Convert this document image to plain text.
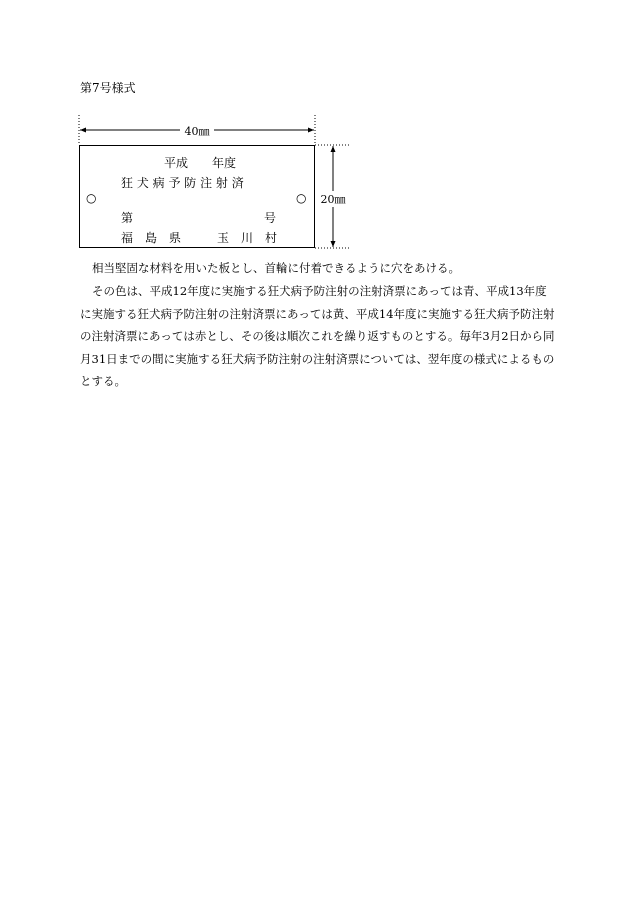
第7号様式
40㎜
20㎜
平成　　年度
狂 犬 病 予 防 注 射 済
○	○
第	号
福　島　県	玉　川　村

相当堅固な材料を用いた板とし、首輪に付着できるように穴をあける。

その色は、平成12年度に実施する狂犬病予防注射の注射済票にあっては青、平成13年度に実施する狂犬病予防注射の注射済票にあっては黄、平成14年度に実施する狂犬病予防注射の注射済票にあっては赤とし、その後は順次これを繰り返すものとする。毎年3月2日から同月31日までの間に実施する狂犬病予防注射の注射済票については、翌年度の様式によるものとする。
